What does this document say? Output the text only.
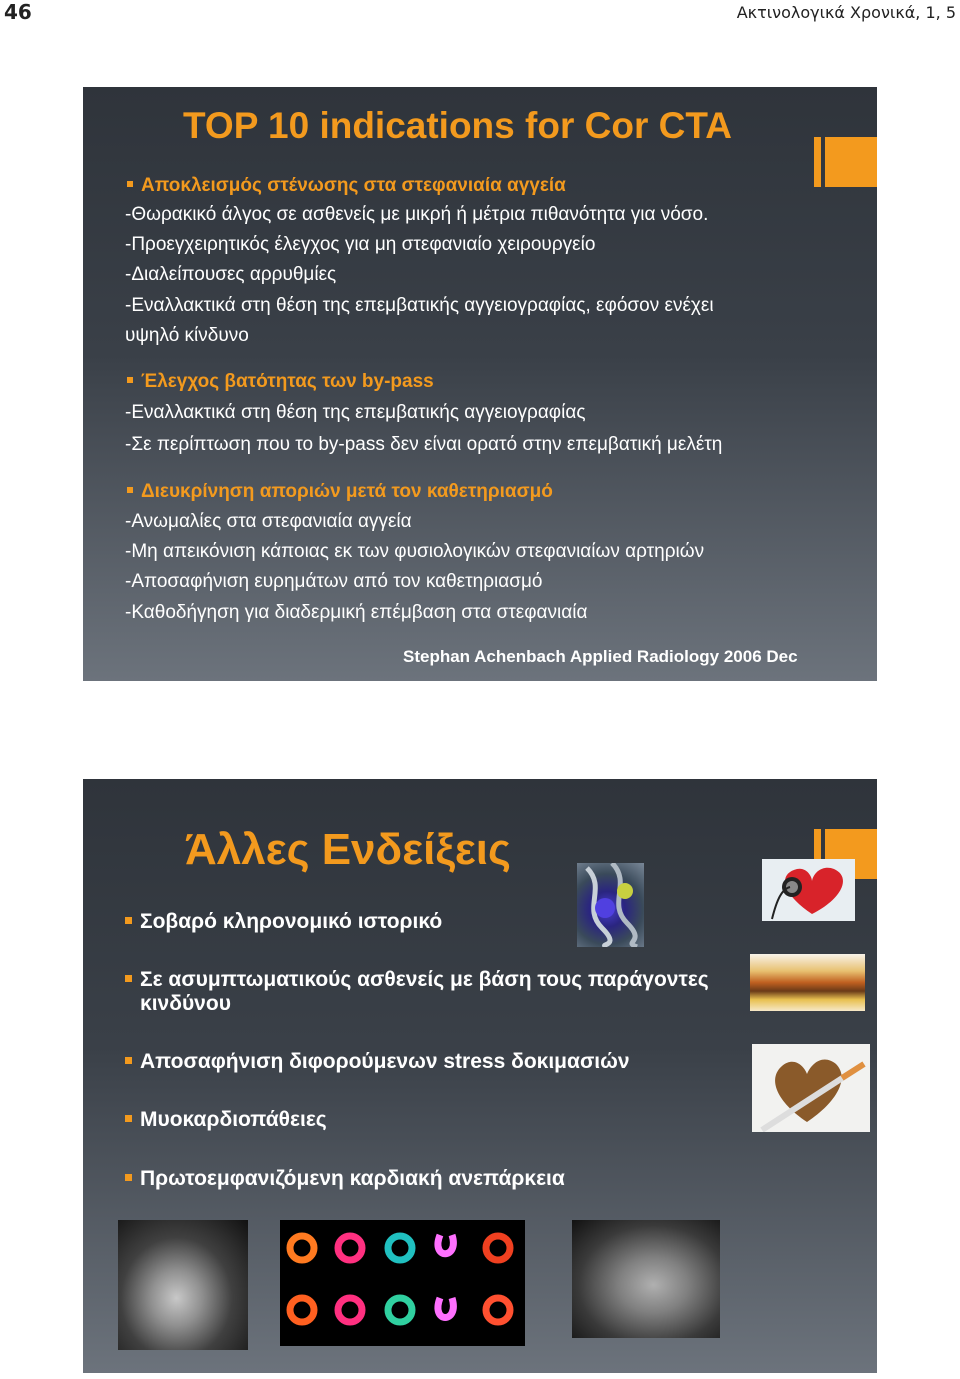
46	Ακτινολογικά Χρονικά, 1, 5
TOP 10 indications for Cor CTA
Αποκλεισμός στένωσης στα στεφανιαία αγγεία
-Θωρακικό άλγος σε ασθενείς με μικρή ή μέτρια πιθανότητα για νόσο.
-Προεγχειρητικός έλεγχος για μη στεφανιαίο χειρουργείο
-Διαλείπουσες αρρυθμίες
-Εναλλακτικά στη θέση της επεμβατικής αγγειογραφίας, εφόσον ενέχει
υψηλό κίνδυνο
Έλεγχος βατότητας των by-pass
-Εναλλακτικά στη θέση της επεμβατικής αγγειογραφίας
-Σε περίπτωση που το by-pass δεν είναι ορατό στην επεμβατική μελέτη
Διευκρίνηση αποριών μετά τον καθετηριασμό
-Ανωμαλίες στα στεφανιαία αγγεία
-Μη απεικόνιση κάποιας εκ των φυσιολογικών στεφανιαίων αρτηριών
-Αποσαφήνιση ευρημάτων από τον καθετηριασμό
-Καθοδήγηση για διαδερμική επέμβαση στα στεφανιαία
Stephan Achenbach Applied Radiology 2006 Dec
Άλλες Ενδείξεις
Σοβαρό κληρονομικό ιστορικό
Σε ασυμπτωματικούς ασθενείς με βάση τους παράγοντες
κινδύνου
Αποσαφήνιση διφορούμενων stress δοκιμασιών
Μυοκαρδιοπάθειες
Πρωτοεμφανιζόμενη καρδιακή ανεπάρκεια
